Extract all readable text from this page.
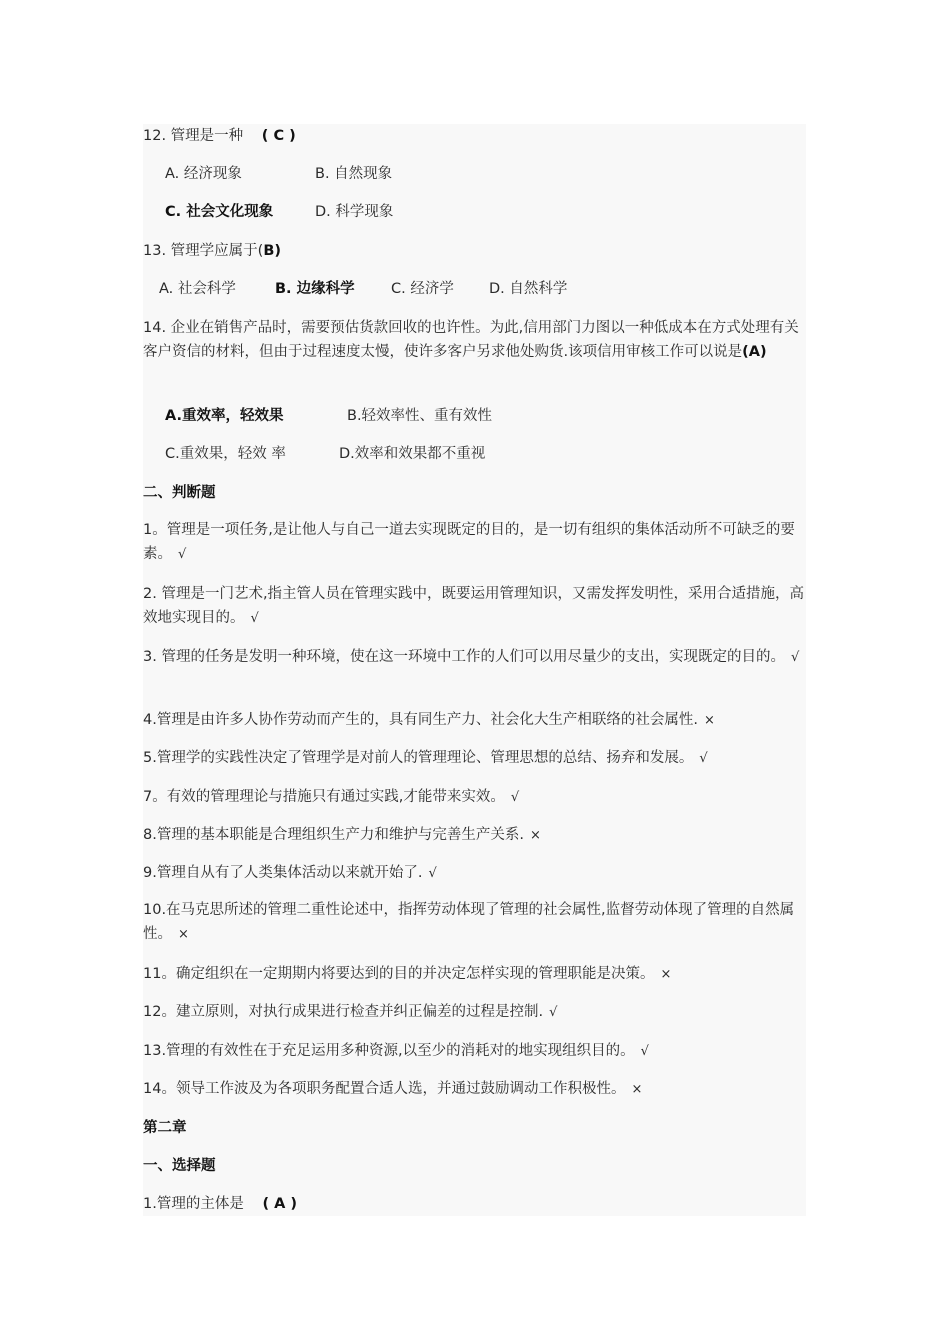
12. 管理是一种 ( C )
A. 经济现象	B. 自然现象
C. 社会文化现象	D. 科学现象
13. 管理学应属于(B)
A. 社会科学	B. 边缘科学	C. 经济学 D. 自然科学
14. 企业在销售产品时，需要预估货款回收的也许性。为此,信用部门力图以一种低成本在方式处理有关客户资信的材料，但由于过程速度太慢，使许多客户另求他处购货.该项信用审核工作可以说是(A)
A.重效率，轻效果	B.轻效率性、重有效性
C.重效果，轻效 率	D.效率和效果都不重视
二、判断题
1。管理是一项任务,是让他人与自己一道去实现既定的目的，是一切有组织的集体活动所不可缺乏的要素。 √
2. 管理是一门艺术,指主管人员在管理实践中，既要运用管理知识，又需发挥发明性，采用合适措施，高效地实现目的。 √
3. 管理的任务是发明一种环境，使在这一环境中工作的人们可以用尽量少的支出，实现既定的目的。 √
4.管理是由许多人协作劳动而产生的，具有同生产力、社会化大生产相联络的社会属性. ×
5.管理学的实践性决定了管理学是对前人的管理理论、管理思想的总结、扬弃和发展。 √
7。有效的管理理论与措施只有通过实践,才能带来实效。 √
8.管理的基本职能是合理组织生产力和维护与完善生产关系. ×
9.管理自从有了人类集体活动以来就开始了. √
10.在马克思所述的管理二重性论述中，指挥劳动体现了管理的社会属性,监督劳动体现了管理的自然属性。 ×
11。确定组织在一定期期内将要达到的目的并决定怎样实现的管理职能是决策。 ×
12。建立原则，对执行成果进行检查并纠正偏差的过程是控制. √
13.管理的有效性在于充足运用多种资源,以至少的消耗对的地实现组织目的。 √
14。领导工作波及为各项职务配置合适人选，并通过鼓励调动工作积极性。 ×
第二章
一、选择题
1.管理的主体是 ( A )
